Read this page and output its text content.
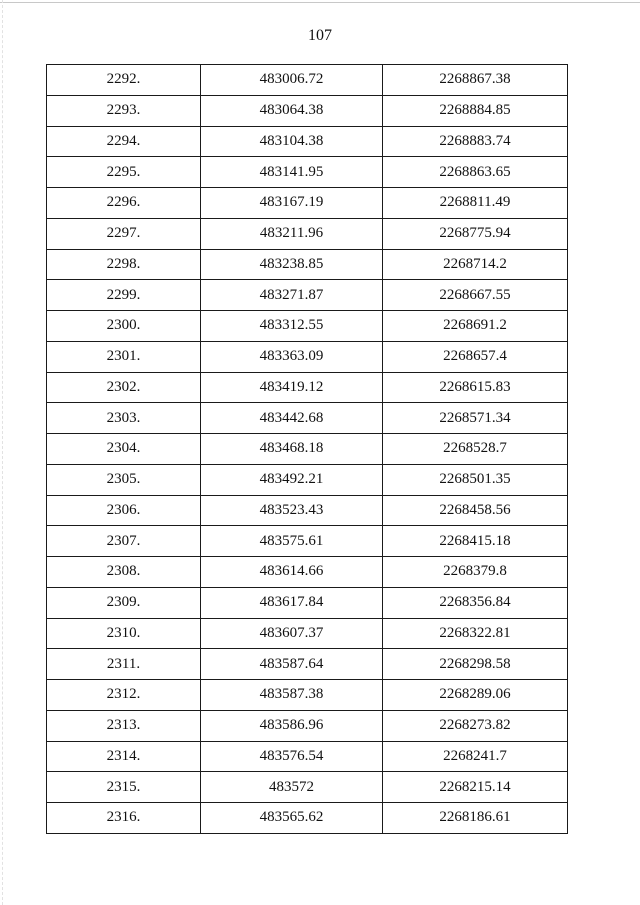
107
2292.	483006.72	2268867.38
2293.	483064.38	2268884.85
2294.	483104.38	2268883.74
2295.	483141.95	2268863.65
2296.	483167.19	2268811.49
2297.	483211.96	2268775.94
2298.	483238.85	2268714.2
2299.	483271.87	2268667.55
2300.	483312.55	2268691.2
2301.	483363.09	2268657.4
2302.	483419.12	2268615.83
2303.	483442.68	2268571.34
2304.	483468.18	2268528.7
2305.	483492.21	2268501.35
2306.	483523.43	2268458.56
2307.	483575.61	2268415.18
2308.	483614.66	2268379.8
2309.	483617.84	2268356.84
2310.	483607.37	2268322.81
2311.	483587.64	2268298.58
2312.	483587.38	2268289.06
2313.	483586.96	2268273.82
2314.	483576.54	2268241.7
2315.	483572	2268215.14
2316.	483565.62	2268186.61
